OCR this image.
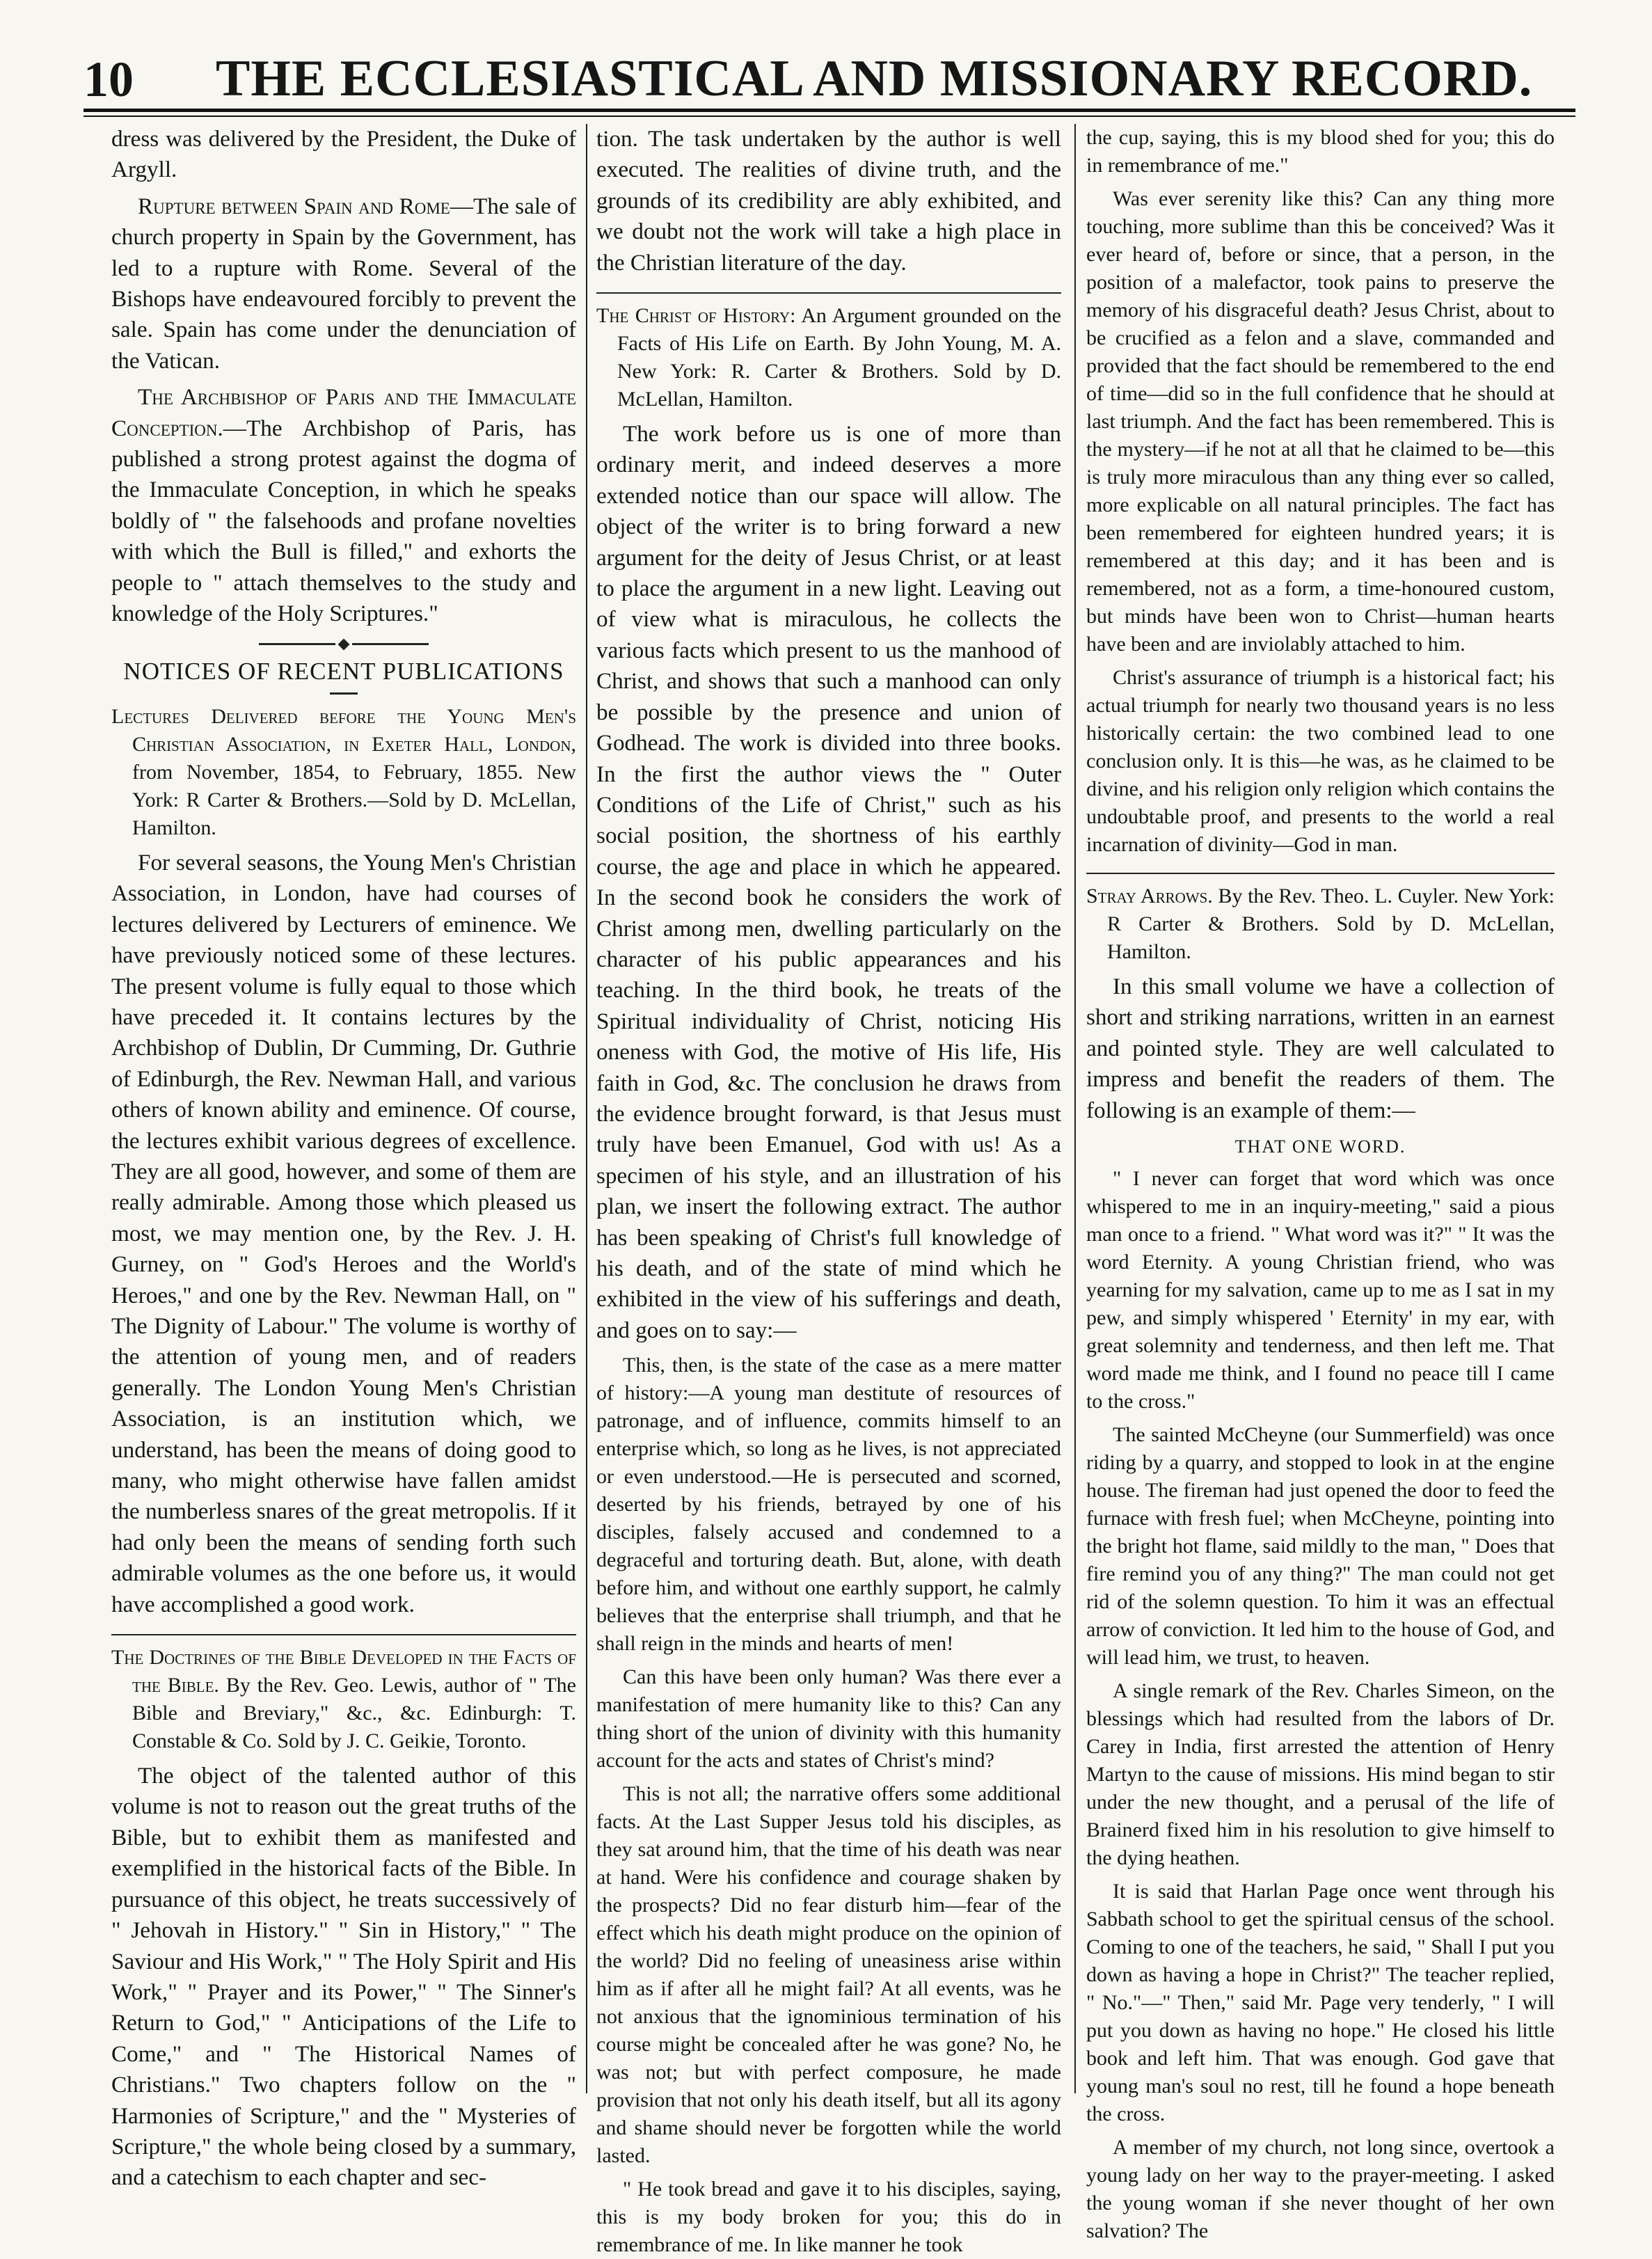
10	THE ECCLESIASTICAL AND MISSIONARY RECORD.

dress was delivered by the President, the Duke of Argyll.

Rupture between Spain and Rome—The sale of church property in Spain by the Government, has led to a rupture with Rome. Several of the Bishops have endeavoured forcibly to prevent the sale. Spain has come under the denunciation of the Vatican.

The Archbishop of Paris and the Immaculate Conception.—The Archbishop of Paris, has published a strong protest against the dogma of the Immaculate Conception, in which he speaks boldly of " the falsehoods and profane novelties with which the Bull is filled," and exhorts the people to " attach themselves to the study and knowledge of the Holy Scriptures."

NOTICES OF RECENT PUBLICATIONS

Lectures Delivered before the Young Men's Christian Association, in Exeter Hall, London, from November, 1854, to February, 1855. New York: R Carter & Brothers.—Sold by D. McLellan, Hamilton.

For several seasons, the Young Men's Christian Association, in London, have had courses of lectures delivered by Lecturers of eminence. We have previously noticed some of these lectures. The present volume is fully equal to those which have preceded it. It contains lectures by the Archbishop of Dublin, Dr Cumming, Dr. Guthrie of Edinburgh, the Rev. Newman Hall, and various others of known ability and eminence. Of course, the lectures exhibit various degrees of excellence. They are all good, however, and some of them are really admirable. Among those which pleased us most, we may mention one, by the Rev. J. H. Gurney, on " God's Heroes and the World's Heroes," and one by the Rev. Newman Hall, on " The Dignity of Labour." The volume is worthy of the attention of young men, and of readers generally. The London Young Men's Christian Association, is an institution which, we understand, has been the means of doing good to many, who might otherwise have fallen amidst the numberless snares of the great metropolis. If it had only been the means of sending forth such admirable volumes as the one before us, it would have accomplished a good work.

The Doctrines of the Bible Developed in the Facts of the Bible. By the Rev. Geo. Lewis, author of " The Bible and Breviary," &c., &c. Edinburgh: T. Constable & Co. Sold by J. C. Geikie, Toronto.

The object of the talented author of this volume is not to reason out the great truths of the Bible, but to exhibit them as manifested and exemplified in the historical facts of the Bible. In pursuance of this object, he treats successively of " Jehovah in History." " Sin in History," " The Saviour and His Work," " The Holy Spirit and His Work," " Prayer and its Power," " The Sinner's Return to God," " Anticipations of the Life to Come," and " The Historical Names of Christians." Two chapters follow on the " Harmonies of Scripture," and the " Mysteries of Scripture," the whole being closed by a summary, and a catechism to each chapter and sec-

tion. The task undertaken by the author is well executed. The realities of divine truth, and the grounds of its credibility are ably exhibited, and we doubt not the work will take a high place in the Christian literature of the day.

The Christ of History: An Argument grounded on the Facts of His Life on Earth. By John Young, M. A. New York: R. Carter & Brothers. Sold by D. McLellan, Hamilton.

The work before us is one of more than ordinary merit, and indeed deserves a more extended notice than our space will allow. The object of the writer is to bring forward a new argument for the deity of Jesus Christ, or at least to place the argument in a new light. Leaving out of view what is miraculous, he collects the various facts which present to us the manhood of Christ, and shows that such a manhood can only be possible by the presence and union of Godhead. The work is divided into three books. In the first the author views the " Outer Conditions of the Life of Christ," such as his social position, the shortness of his earthly course, the age and place in which he appeared. In the second book he considers the work of Christ among men, dwelling particularly on the character of his public appearances and his teaching. In the third book, he treats of the Spiritual individuality of Christ, noticing His oneness with God, the motive of His life, His faith in God, &c. The conclusion he draws from the evidence brought forward, is that Jesus must truly have been Emanuel, God with us! As a specimen of his style, and an illustration of his plan, we insert the following extract. The author has been speaking of Christ's full knowledge of his death, and of the state of mind which he exhibited in the view of his sufferings and death, and goes on to say:—

This, then, is the state of the case as a mere matter of history:—A young man destitute of resources of patronage, and of influence, commits himself to an enterprise which, so long as he lives, is not appreciated or even understood.—He is persecuted and scorned, deserted by his friends, betrayed by one of his disciples, falsely accused and condemned to a degraceful and torturing death. But, alone, with death before him, and without one earthly support, he calmly believes that the enterprise shall triumph, and that he shall reign in the minds and hearts of men!

Can this have been only human? Was there ever a manifestation of mere humanity like to this? Can any thing short of the union of divinity with this humanity account for the acts and states of Christ's mind?

This is not all; the narrative offers some additional facts. At the Last Supper Jesus told his disciples, as they sat around him, that the time of his death was near at hand. Were his confidence and courage shaken by the prospects? Did no fear disturb him—fear of the effect which his death might produce on the opinion of the world? Did no feeling of uneasiness arise within him as if after all he might fail? At all events, was he not anxious that the ignominious termination of his course might be concealed after he was gone? No, he was not; but with perfect composure, he made provision that not only his death itself, but all its agony and shame should never be forgotten while the world lasted.

" He took bread and gave it to his disciples, saying, this is my body broken for you; this do in remembrance of me. In like manner he took

the cup, saying, this is my blood shed for you; this do in remembrance of me."

Was ever serenity like this? Can any thing more touching, more sublime than this be conceived? Was it ever heard of, before or since, that a person, in the position of a malefactor, took pains to preserve the memory of his disgraceful death? Jesus Christ, about to be crucified as a felon and a slave, commanded and provided that the fact should be remembered to the end of time—did so in the full confidence that he should at last triumph. And the fact has been remembered. This is the mystery—if he not at all that he claimed to be—this is truly more miraculous than any thing ever so called, more explicable on all natural principles. The fact has been remembered for eighteen hundred years; it is remembered at this day; and it has been and is remembered, not as a form, a time-honoured custom, but minds have been won to Christ—human hearts have been and are inviolably attached to him.

Christ's assurance of triumph is a historical fact; his actual triumph for nearly two thousand years is no less historically certain: the two combined lead to one conclusion only. It is this—he was, as he claimed to be divine, and his religion only religion which contains the undoubtable proof, and presents to the world a real incarnation of divinity—God in man.

Stray Arrows. By the Rev. Theo. L. Cuyler. New York: R Carter & Brothers. Sold by D. McLellan, Hamilton.

In this small volume we have a collection of short and striking narrations, written in an earnest and pointed style. They are well calculated to impress and benefit the readers of them. The following is an example of them:—

THAT ONE WORD.

" I never can forget that word which was once whispered to me in an inquiry-meeting," said a pious man once to a friend. " What word was it?" " It was the word Eternity. A young Christian friend, who was yearning for my salvation, came up to me as I sat in my pew, and simply whispered ' Eternity' in my ear, with great solemnity and tenderness, and then left me. That word made me think, and I found no peace till I came to the cross."

The sainted McCheyne (our Summerfield) was once riding by a quarry, and stopped to look in at the engine house. The fireman had just opened the door to feed the furnace with fresh fuel; when McCheyne, pointing into the bright hot flame, said mildly to the man, " Does that fire remind you of any thing?" The man could not get rid of the solemn question. To him it was an effectual arrow of conviction. It led him to the house of God, and will lead him, we trust, to heaven.

A single remark of the Rev. Charles Simeon, on the blessings which had resulted from the labors of Dr. Carey in India, first arrested the attention of Henry Martyn to the cause of missions. His mind began to stir under the new thought, and a perusal of the life of Brainerd fixed him in his resolution to give himself to the dying heathen.

It is said that Harlan Page once went through his Sabbath school to get the spiritual census of the school. Coming to one of the teachers, he said, " Shall I put you down as having a hope in Christ?" The teacher replied, " No."—" Then," said Mr. Page very tenderly, " I will put you down as having no hope." He closed his little book and left him. That was enough. God gave that young man's soul no rest, till he found a hope beneath the cross.

A member of my church, not long since, overtook a young lady on her way to the prayer-meeting. I asked the young woman if she never thought of her own salvation? The
